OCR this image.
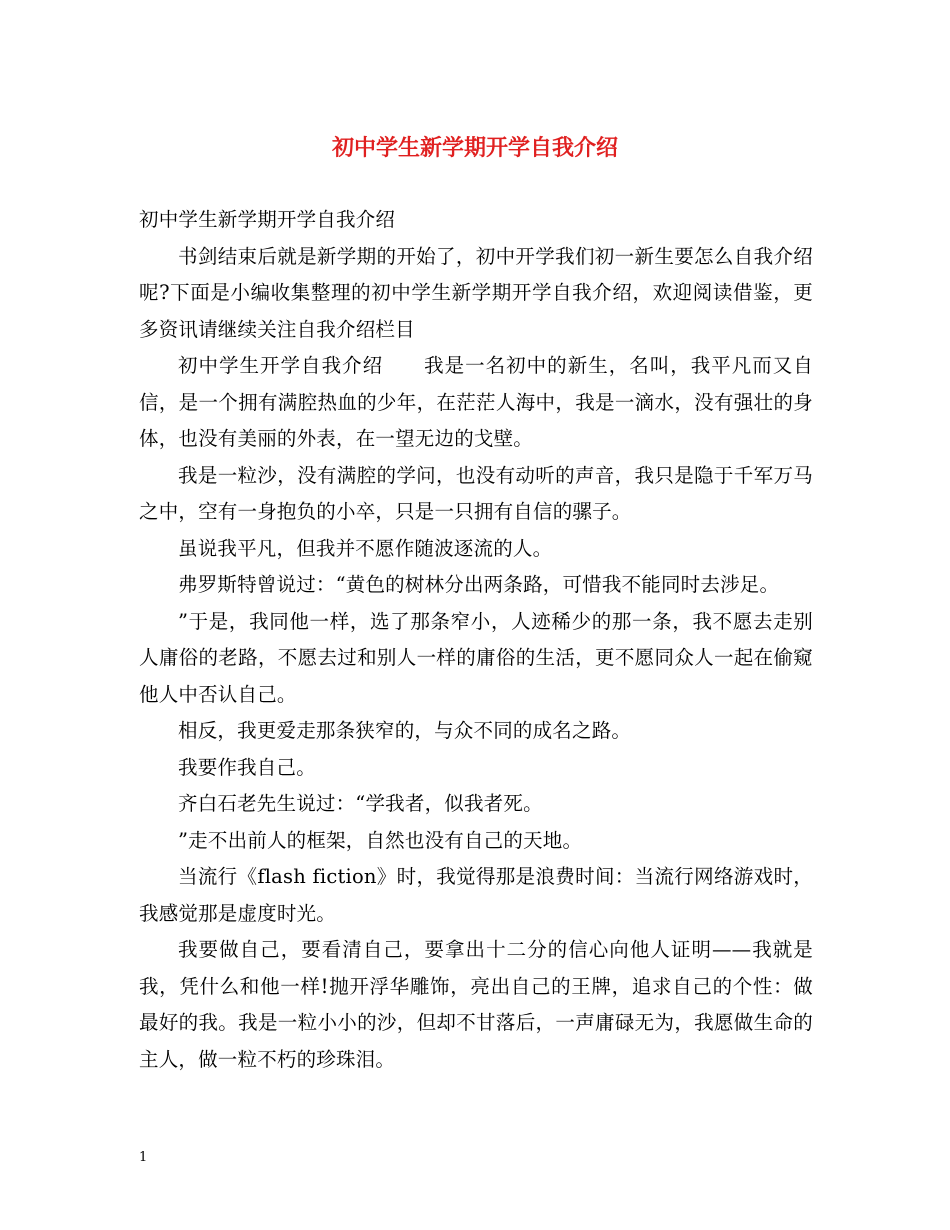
初中学生新学期开学自我介绍

初中学生新学期开学自我介绍

书剑结束后就是新学期的开始了，初中开学我们初一新生要怎么自我介绍呢?下面是小编收集整理的初中学生新学期开学自我介绍，欢迎阅读借鉴，更多资讯请继续关注自我介绍栏目

初中学生开学自我介绍　　我是一名初中的新生，名叫，我平凡而又自信，是一个拥有满腔热血的少年，在茫茫人海中，我是一滴水，没有强壮的身体，也没有美丽的外表，在一望无边的戈壁。

我是一粒沙，没有满腔的学问，也没有动听的声音，我只是隐于千军万马之中，空有一身抱负的小卒，只是一只拥有自信的骡子。

虽说我平凡，但我并不愿作随波逐流的人。

弗罗斯特曾说过：“黄色的树林分出两条路，可惜我不能同时去涉足。

”于是，我同他一样，选了那条窄小，人迹稀少的那一条，我不愿去走别人庸俗的老路，不愿去过和别人一样的庸俗的生活，更不愿同众人一起在偷窥他人中否认自己。

相反，我更爱走那条狭窄的，与众不同的成名之路。

我要作我自己。

齐白石老先生说过：“学我者，似我者死。

”走不出前人的框架，自然也没有自己的天地。

当流行《flash fiction》时，我觉得那是浪费时间：当流行网络游戏时，我感觉那是虚度时光。

我要做自己，要看清自己，要拿出十二分的信心向他人证明——我就是我，凭什么和他一样!抛开浮华雕饰，亮出自己的王牌，追求自己的个性：做最好的我。我是一粒小小的沙，但却不甘落后，一声庸碌无为，我愿做生命的主人，做一粒不朽的珍珠泪。

1
